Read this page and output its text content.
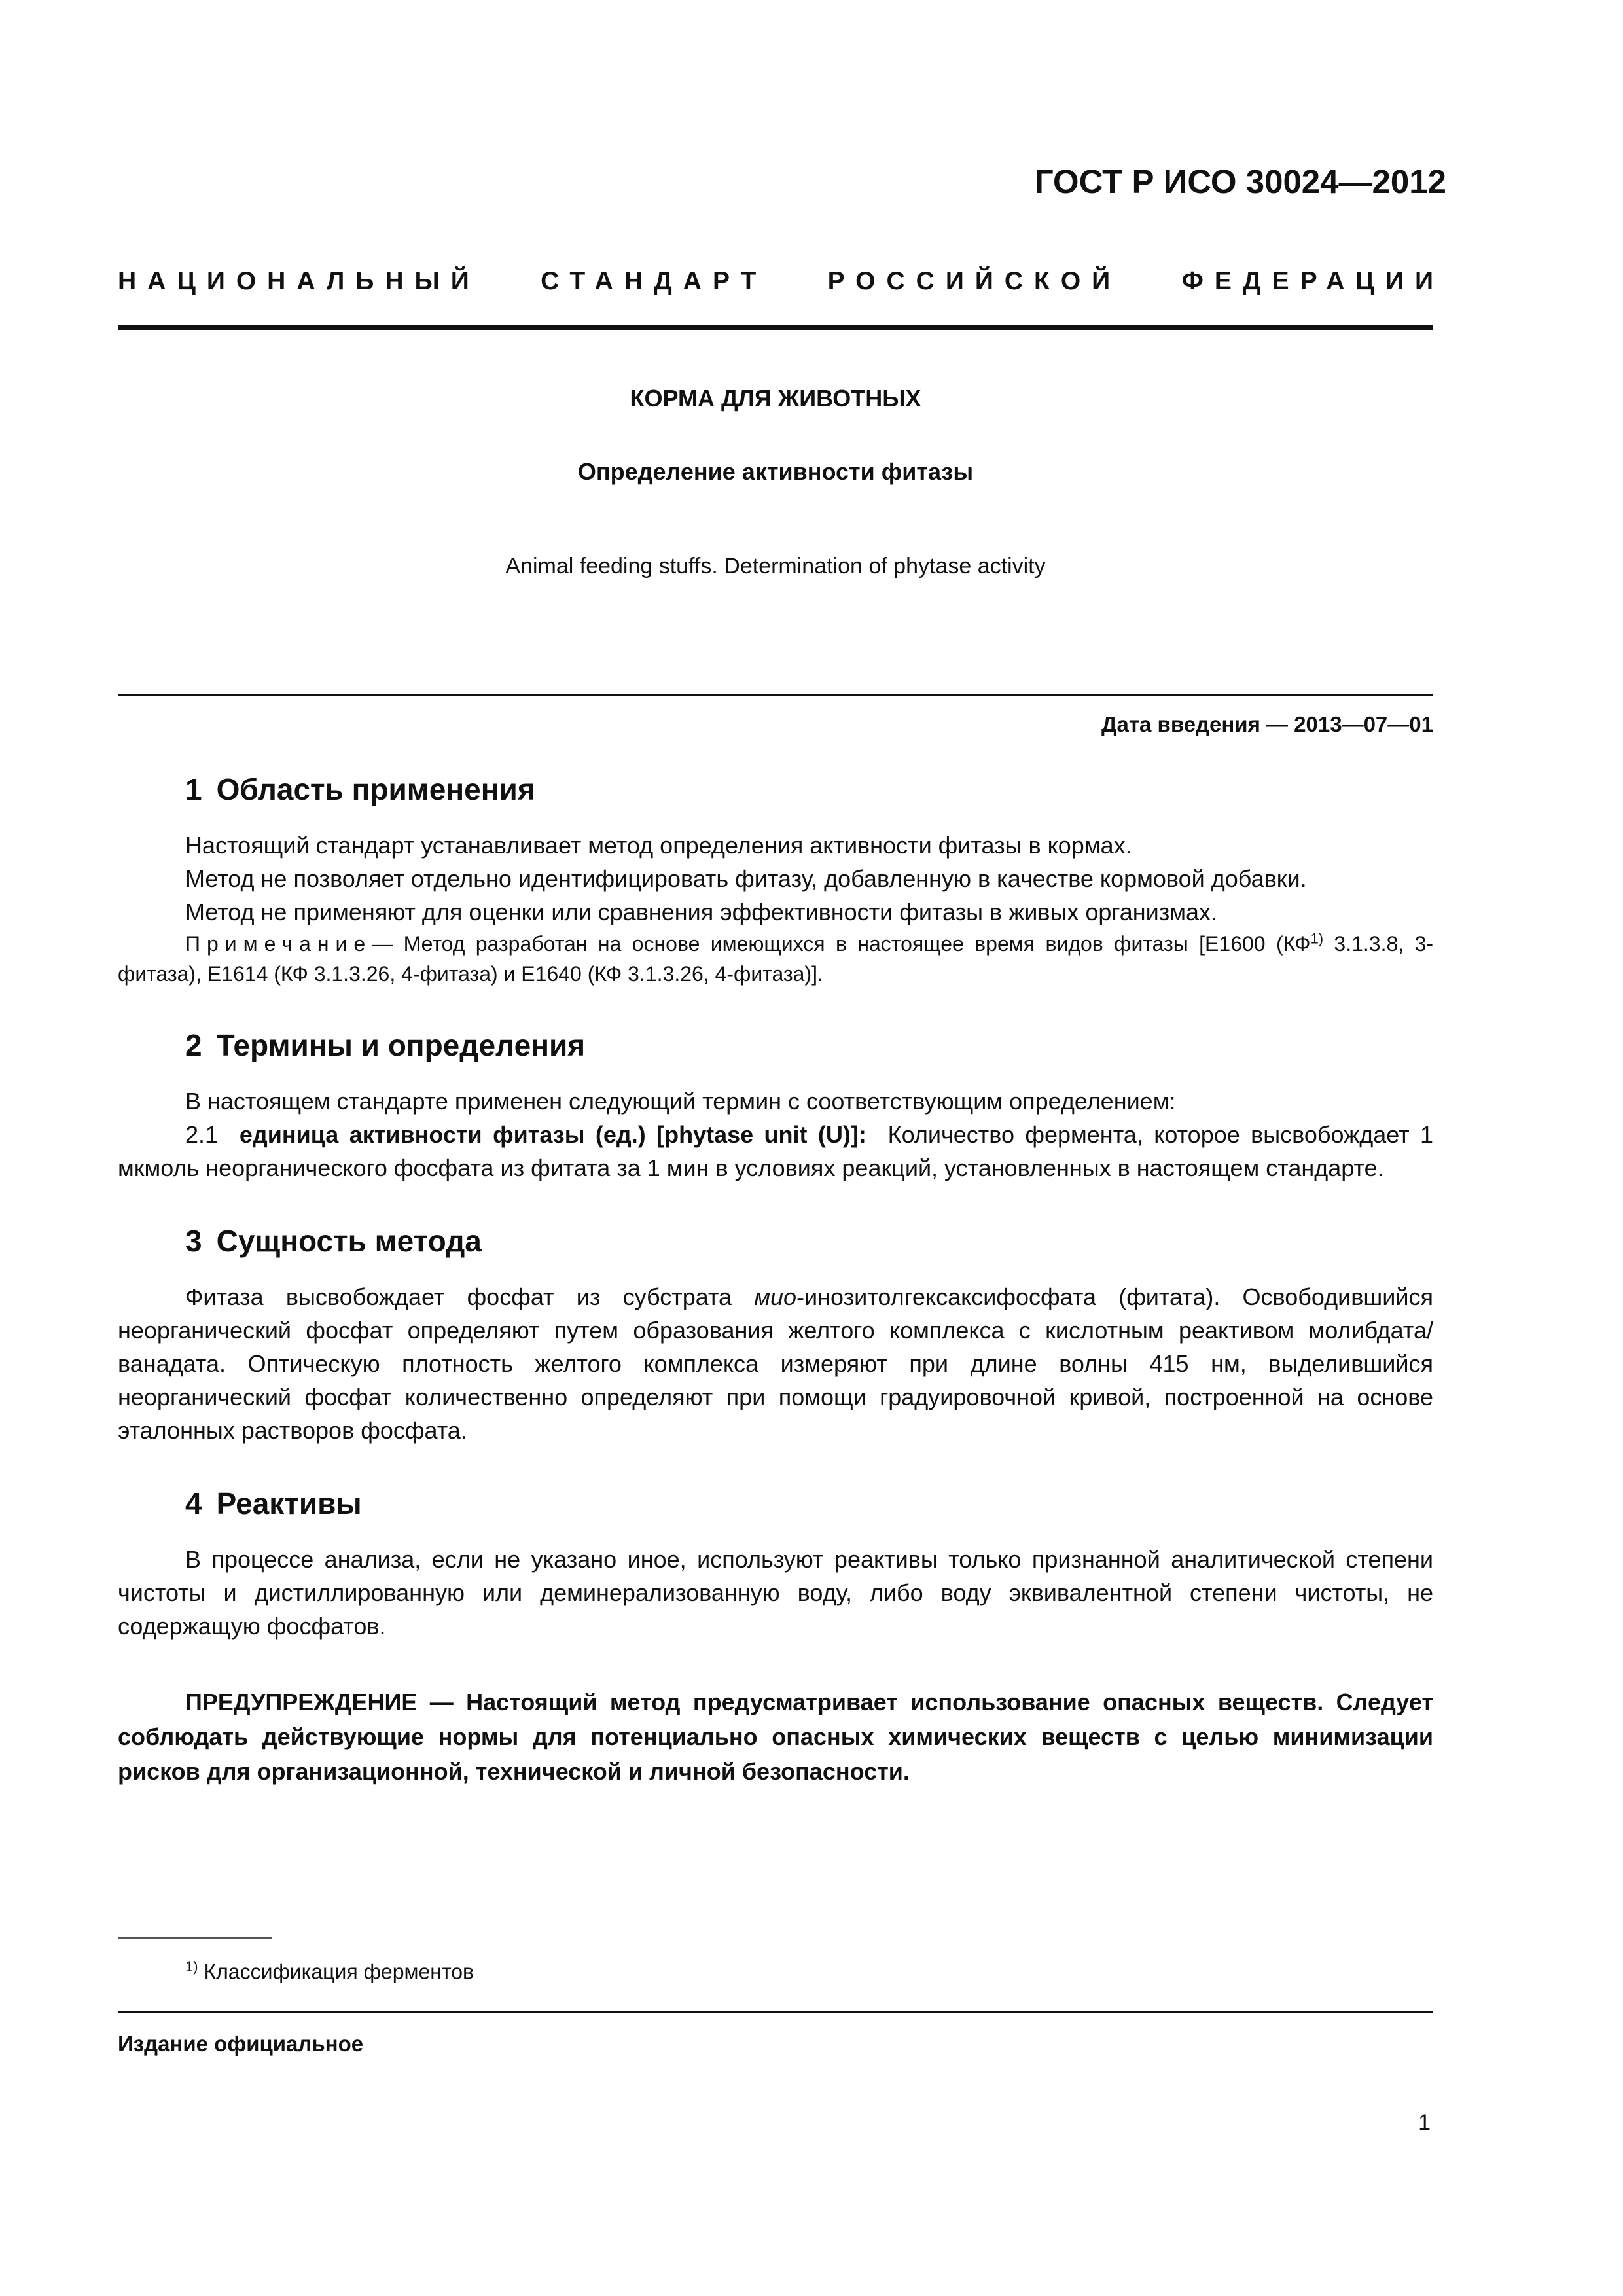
ГОСТ Р ИСО 30024—2012
НАЦИОНАЛЬНЫЙ СТАНДАРТ РОССИЙСКОЙ ФЕДЕРАЦИИ
КОРМА ДЛЯ ЖИВОТНЫХ
Определение активности фитазы
Animal feeding stuffs. Determination of phytase activity
Дата введения — 2013—07—01
1 Область применения

Настоящий стандарт устанавливает метод определения активности фитазы в кормах.

Метод не позволяет отдельно идентифицировать фитазу, добавленную в качестве кормовой добавки.

Метод не применяют для оценки или сравнения эффективности фитазы в живых организмах.

Примечание— Метод разработан на основе имеющихся в настоящее время видов фитазы [Е1600 (КФ$^{1)}$ 3.1.3.8, 3-фитаза), Е1614 (КФ 3.1.3.26, 4-фитаза) и Е1640 (КФ 3.1.3.26, 4-фитаза)].

2 Термины и определения

В настоящем стандарте применен следующий термин с соответствующим определением:

2.1 единица активности фитазы (ед.) [phytase unit (U)]: Количество фермента, которое высвобождает 1 мкмоль неорганического фосфата из фитата за 1 мин в условиях реакций, установленных в настоящем стандарте.

3 Сущность метода

Фитаза высвобождает фосфат из субстрата мио-инозитолгексаксифосфата (фитата). Освободившийся неорганический фосфат определяют путем образования желтого комплекса с кислотным реактивом молибдата/ванадата. Оптическую плотность желтого комплекса измеряют при длине волны 415 нм, выделившийся неорганический фосфат количественно определяют при помощи градуировочной кривой, построенной на основе эталонных растворов фосфата.

4 Реактивы

В процессе анализа, если не указано иное, используют реактивы только признанной аналитической степени чистоты и дистиллированную или деминерализованную воду, либо воду эквивалентной степени чистоты, не содержащую фосфатов.

ПРЕДУПРЕЖДЕНИЕ — Настоящий метод предусматривает использование опасных веществ. Следует соблюдать действующие нормы для потенциально опасных химических веществ с целью минимизации рисков для организационной, технической и личной безопасности.

$^{1)}$ Классификация ферментов
Издание официальное
1
